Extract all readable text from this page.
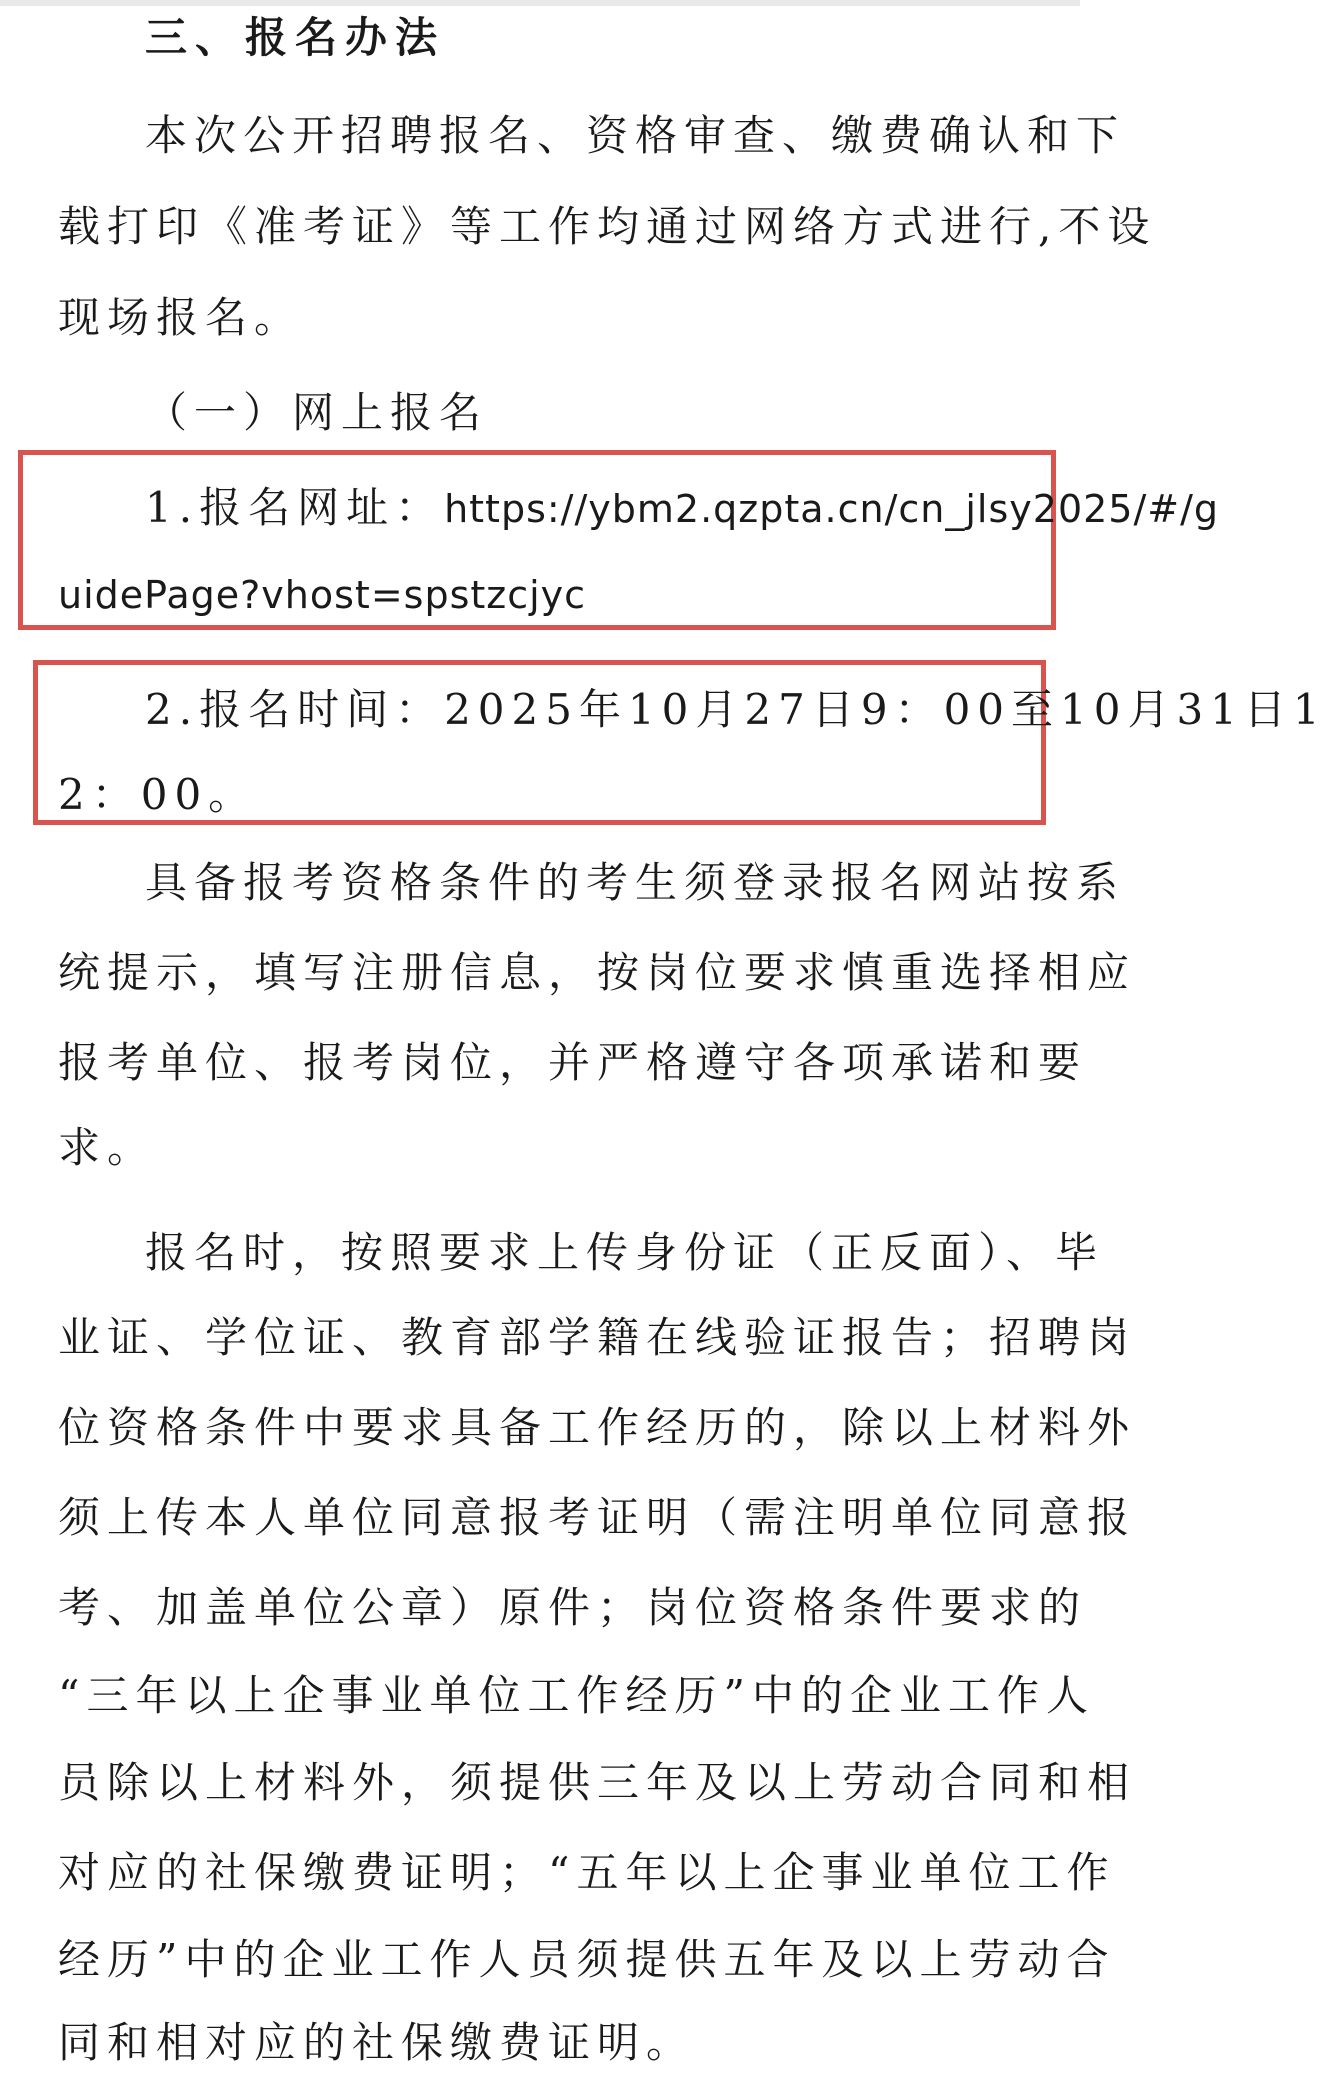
三、报名办法
本次公开招聘报名、资格审查、缴费确认和下
载打印《准考证》等工作均通过网络方式进行,不设
现场报名。
（一）网上报名
1.报名网址：https://ybm2.qzpta.cn/cn_jlsy2025/#/g
uidePage?vhost=spstzcjyc
2.报名时间：2025年10月27日9：00至10月31日1
2：00。
具备报考资格条件的考生须登录报名网站按系
统提示，填写注册信息，按岗位要求慎重选择相应
报考单位、报考岗位，并严格遵守各项承诺和要
求。
报名时，按照要求上传身份证（正反面）、毕
业证、学位证、教育部学籍在线验证报告；招聘岗
位资格条件中要求具备工作经历的，除以上材料外
须上传本人单位同意报考证明（需注明单位同意报
考、加盖单位公章）原件；岗位资格条件要求的
“三年以上企事业单位工作经历”中的企业工作人
员除以上材料外，须提供三年及以上劳动合同和相
对应的社保缴费证明；“五年以上企事业单位工作
经历”中的企业工作人员须提供五年及以上劳动合
同和相对应的社保缴费证明。
